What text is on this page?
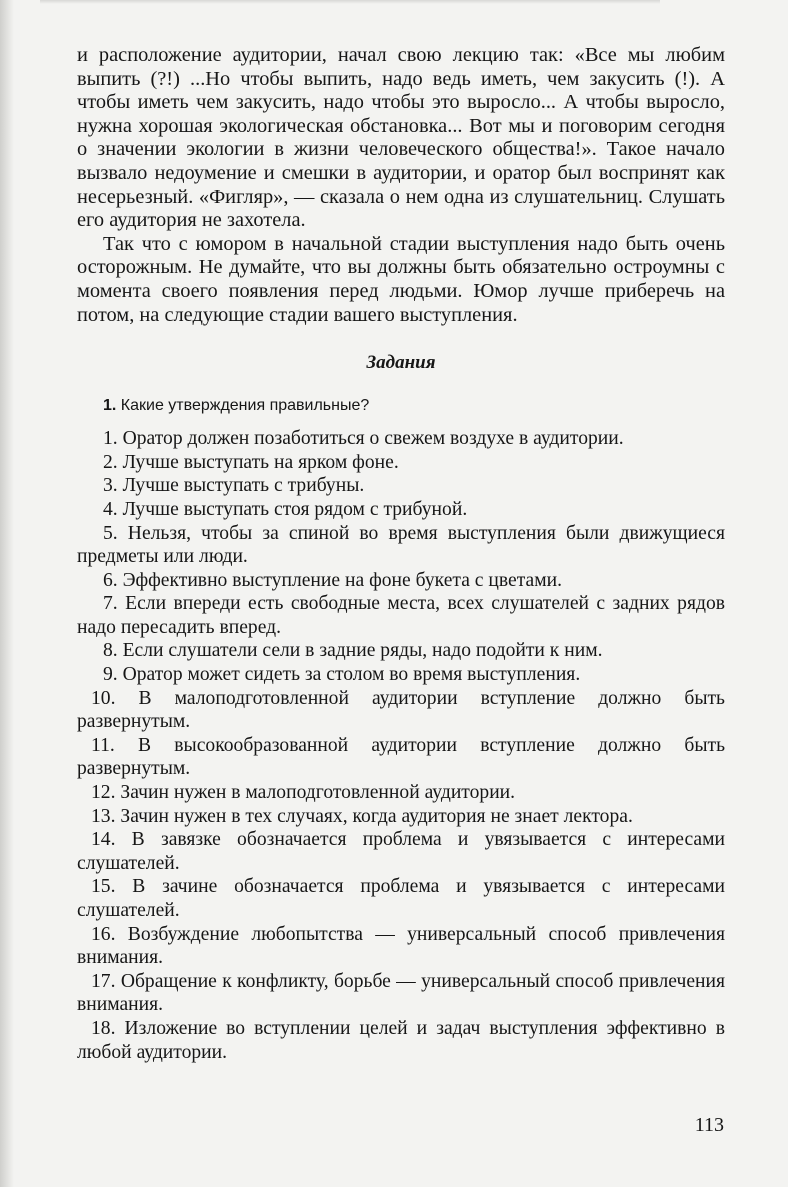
и расположение аудитории, начал свою лекцию так: «Все мы любим выпить (?!) ...Но чтобы выпить, надо ведь иметь, чем закусить (!). А чтобы иметь чем закусить, надо чтобы это выросло... А чтобы выросло, нужна хорошая экологическая обстановка... Вот мы и поговорим сегодня о значении экологии в жизни человеческого общества!». Такое начало вызвало недоумение и смешки в аудитории, и оратор был воспринят как несерьезный. «Фигляр», — сказала о нем одна из слушательниц. Слушать его аудитория не захотела.

Так что с юмором в начальной стадии выступления надо быть очень осторожным. Не думайте, что вы должны быть обязательно остроумны с момента своего появления перед людьми. Юмор лучше приберечь на потом, на следующие стадии вашего выступления.

Задания
1. Какие утверждения правильные?
1. Оратор должен позаботиться о свежем воздухе в аудитории.
2. Лучше выступать на ярком фоне.
3. Лучше выступать с трибуны.
4. Лучше выступать стоя рядом с трибуной.
5. Нельзя, чтобы за спиной во время выступления были движущиеся предметы или люди.
6. Эффективно выступление на фоне букета с цветами.
7. Если впереди есть свободные места, всех слушателей с задних рядов надо пересадить вперед.
8. Если слушатели сели в задние ряды, надо подойти к ним.
9. Оратор может сидеть за столом во время выступления.
10. В малоподготовленной аудитории вступление должно быть развернутым.
11. В высокообразованной аудитории вступление должно быть развернутым.
12. Зачин нужен в малоподготовленной аудитории.
13. Зачин нужен в тех случаях, когда аудитория не знает лектора.
14. В завязке обозначается проблема и увязывается с интересами слушателей.
15. В зачине обозначается проблема и увязывается с интересами слушателей.
16. Возбуждение любопытства — универсальный способ привлечения внимания.
17. Обращение к конфликту, борьбе — универсальный способ привлечения внимания.
18. Изложение во вступлении целей и задач выступления эффективно в любой аудитории.
113
